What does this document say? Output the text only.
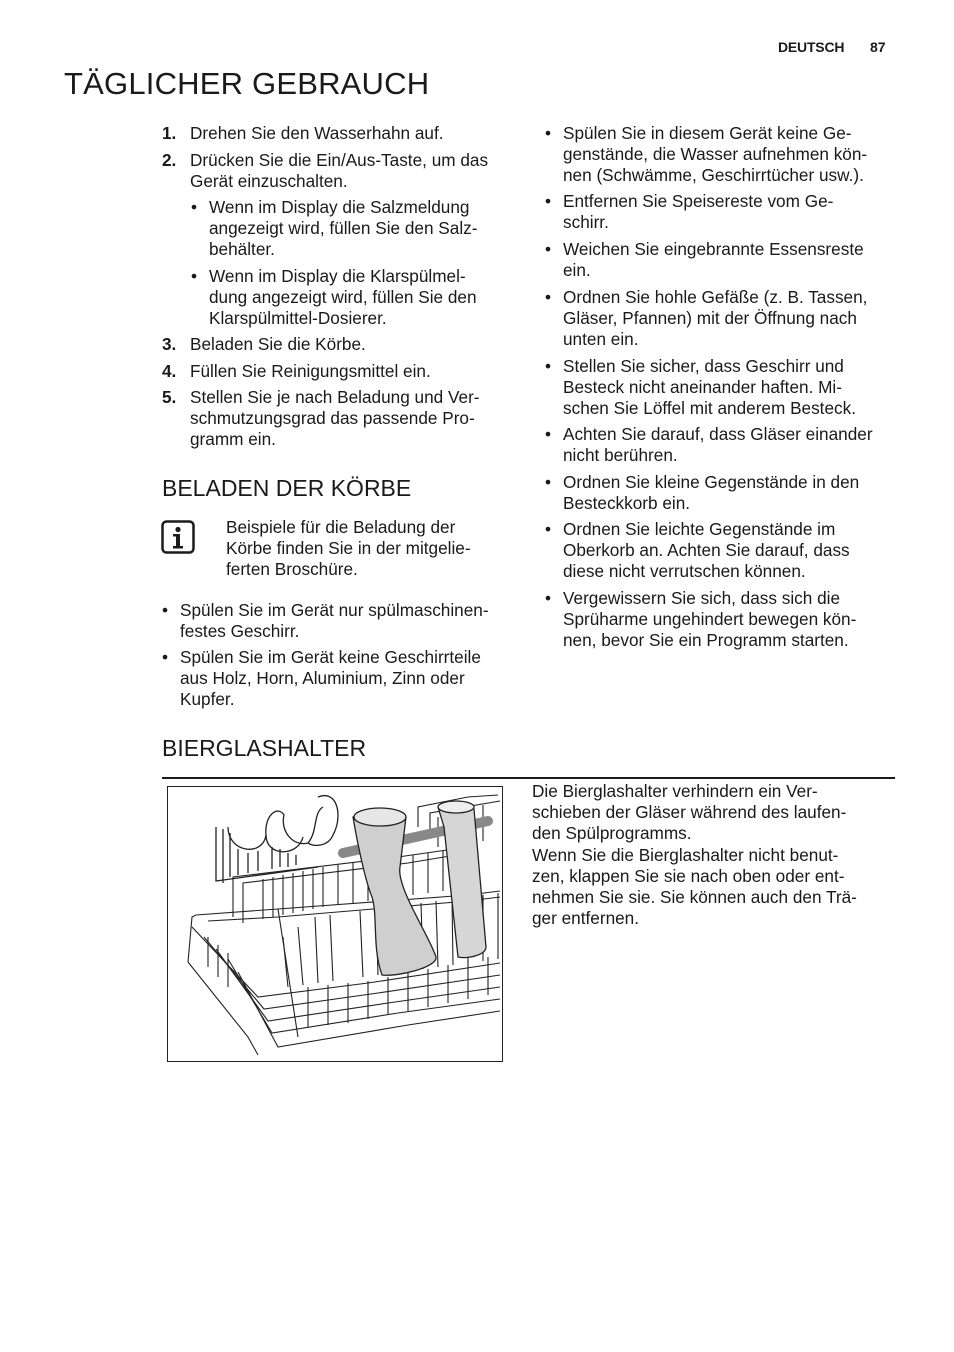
DEUTSCH 87
TÄGLICHER GEBRAUCH
1. Drehen Sie den Wasserhahn auf.
2. Drücken Sie die Ein/Aus-Taste, um das
Gerät einzuschalten.
3. Beladen Sie die Körbe.
4. Füllen Sie Reinigungsmittel ein.
5. Stellen Sie je nach Beladung und Ver-
schmutzungsgrad das passende Pro-
gramm ein.
• Wenn im Display die Salzmeldung
angezeigt wird, füllen Sie den Salz-
behälter.
• Wenn im Display die Klarspülmel-
dung angezeigt wird, füllen Sie den
Klarspülmittel-Dosierer.
• Spülen Sie in diesem Gerät keine Ge-
genstände, die Wasser aufnehmen kön-
nen (Schwämme, Geschirrtücher usw.).
• Entfernen Sie Speisereste vom Ge-
schirr.
• Weichen Sie eingebrannte Essensreste
ein.
• Ordnen Sie hohle Gefäße (z. B. Tassen,
Gläser, Pfannen) mit der Öffnung nach
unten ein.
• Stellen Sie sicher, dass Geschirr und
Besteck nicht aneinander haften. Mi-
schen Sie Löffel mit anderem Besteck.
• Achten Sie darauf, dass Gläser einander
nicht berühren.
• Ordnen Sie kleine Gegenstände in den
Besteckkorb ein.
• Ordnen Sie leichte Gegenstände im
Oberkorb an. Achten Sie darauf, dass
diese nicht verrutschen können.
• Vergewissern Sie sich, dass sich die
Sprüharme ungehindert bewegen kön-
nen, bevor Sie ein Programm starten.
BELADEN DER KÖRBE
Beispiele für die Beladung der
Körbe finden Sie in der mitgelie-
ferten Broschüre.
• Spülen Sie im Gerät nur spülmaschinen-
festes Geschirr.
• Spülen Sie im Gerät keine Geschirrteile
aus Holz, Horn, Aluminium, Zinn oder
Kupfer.
BIERGLASHALTER
Die Bierglashalter verhindern ein Ver-
schieben der Gläser während des laufen-
den Spülprogramms.
Wenn Sie die Bierglashalter nicht benut-
zen, klappen Sie sie nach oben oder ent-
nehmen Sie sie. Sie können auch den Trä-
ger entfernen.
